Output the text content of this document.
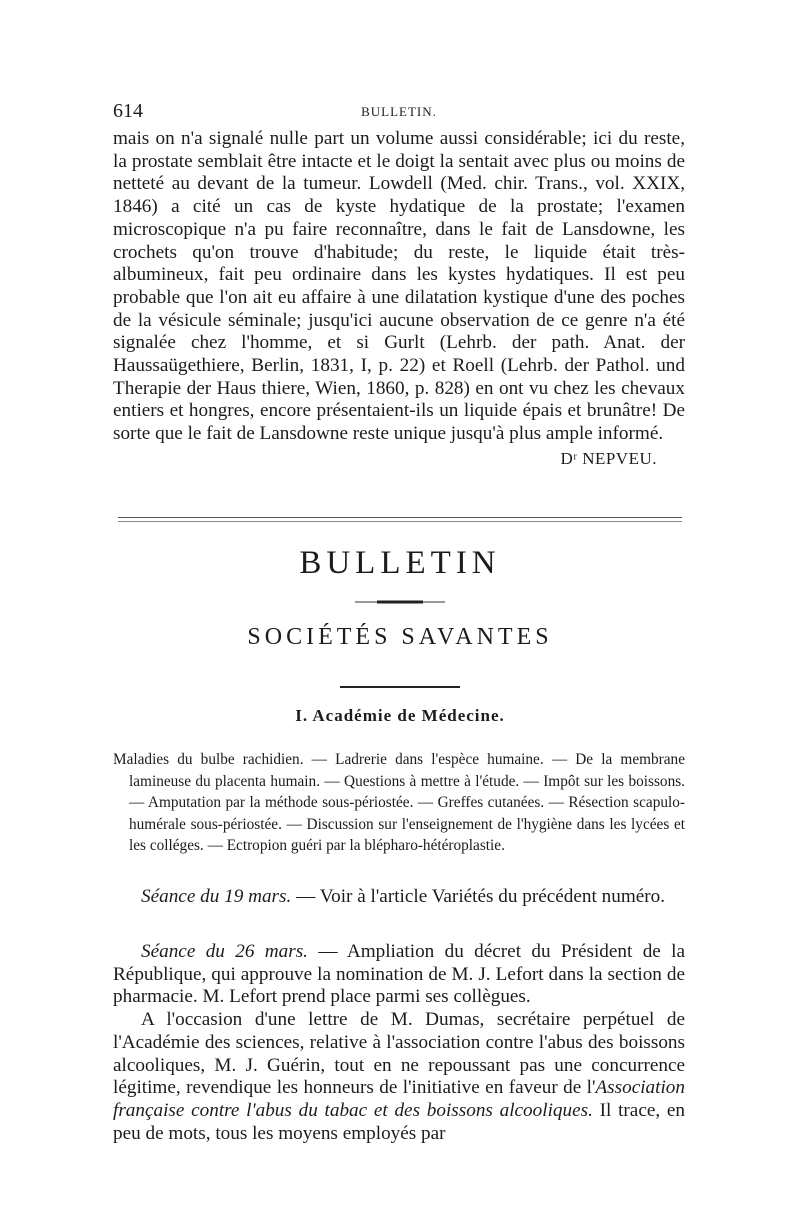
614	BULLETIN.

mais on n'a signalé nulle part un volume aussi considérable; ici du reste, la prostate semblait être intacte et le doigt la sentait avec plus ou moins de netteté au devant de la tumeur. Lowdell (Med. chir. Trans., vol. XXIX, 1846) a cité un cas de kyste hydatique de la prostate; l'examen microscopique n'a pu faire reconnaître, dans le fait de Lansdowne, les crochets qu'on trouve d'habitude; du reste, le liquide était très-albumineux, fait peu ordinaire dans les kystes hydatiques. Il est peu probable que l'on ait eu affaire à une dilatation kystique d'une des poches de la vésicule séminale; jusqu'ici aucune observation de ce genre n'a été signalée chez l'homme, et si Gurlt (Lehrb. der path. Anat. der Haussaügethiere, Berlin, 1831, I, p. 22) et Roell (Lehrb. der Pathol. und Therapie der Haus thiere, Wien, 1860, p. 828) en ont vu chez les chevaux entiers et hongres, encore présentaient-ils un liquide épais et brunâtre! De sorte que le fait de Lansdowne reste unique jusqu'à plus ample informé.

Dʳ NEPVEU.
BULLETIN
SOCIÉTÉS SAVANTES
I. Académie de Médecine.
Maladies du bulbe rachidien. — Ladrerie dans l'espèce humaine. — De la membrane lamineuse du placenta humain. — Questions à mettre à l'étude. — Impôt sur les boissons. — Amputation par la méthode sous-périostée. — Greffes cutanées. — Résection scapulo-humérale sous-périostée. — Discussion sur l'enseignement de l'hygiène dans les lycées et les colléges. — Ectropion guéri par la blépharo-hétéroplastie.

Séance du 19 mars. — Voir à l'article Variétés du précédent numéro.

Séance du 26 mars. — Ampliation du décret du Président de la République, qui approuve la nomination de M. J. Lefort dans la section de pharmacie. M. Lefort prend place parmi ses collègues.

A l'occasion d'une lettre de M. Dumas, secrétaire perpétuel de l'Académie des sciences, relative à l'association contre l'abus des boissons alcooliques, M. J. Guérin, tout en ne repoussant pas une concurrence légitime, revendique les honneurs de l'initiative en faveur de l'Association française contre l'abus du tabac et des boissons alcooliques. Il trace, en peu de mots, tous les moyens employés par
